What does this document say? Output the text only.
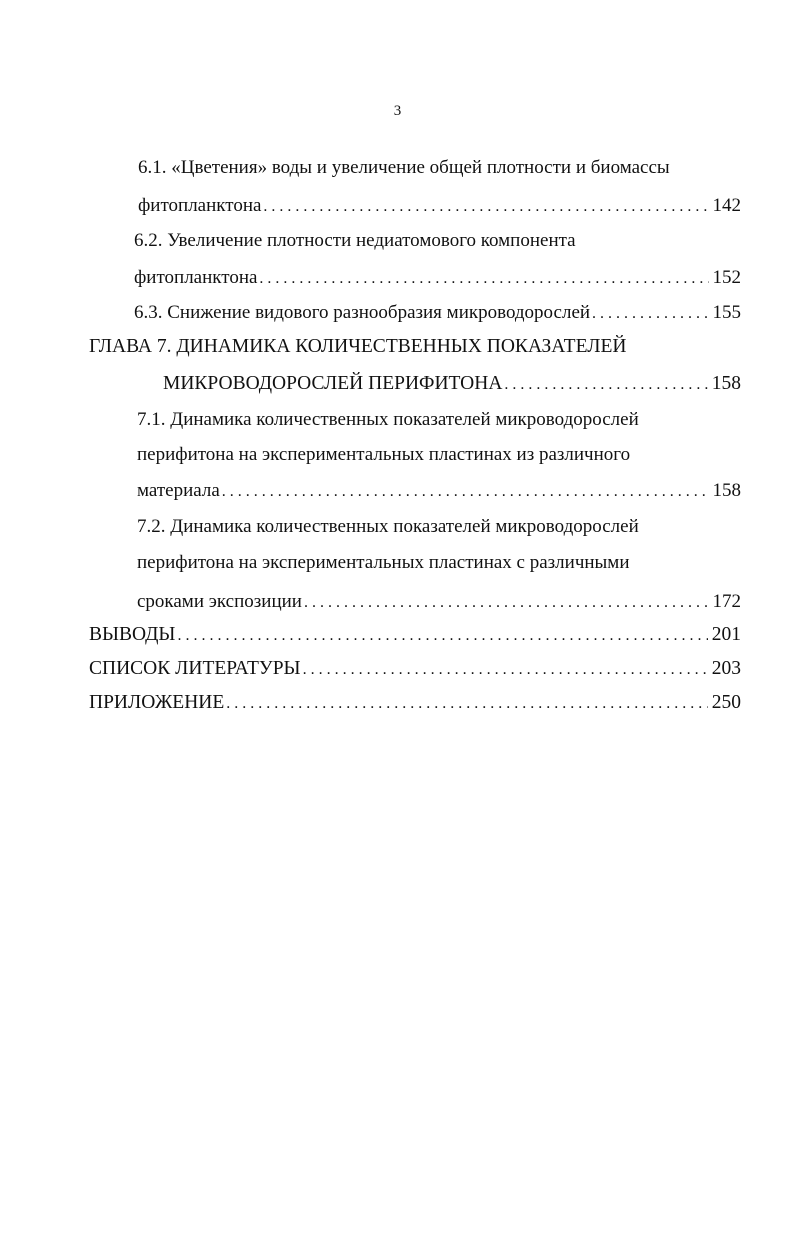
3
6.1. «Цветения» воды и увеличение общей плотности и биомассы
фитопланктона . . .	142
6.2. Увеличение плотности недиатомового компонента
фитопланктона . . .	152
6.3. Снижение видового разнообразия микроводорослей . . .	155
ГЛАВА 7. ДИНАМИКА КОЛИЧЕСТВЕННЫХ ПОКАЗАТЕЛЕЙ
МИКРОВОДОРОСЛЕЙ ПЕРИФИТОНА . . .	158
7.1. Динамика количественных показателей микроводорослей
перифитона на экспериментальных пластинах из различного
материала . . .	158
7.2. Динамика количественных показателей микроводорослей
перифитона на экспериментальных пластинах с различными
сроками экспозиции . . .	172
ВЫВОДЫ . . .	201
СПИСОК ЛИТЕРАТУРЫ . . .	203
ПРИЛОЖЕНИЕ . . .	250
